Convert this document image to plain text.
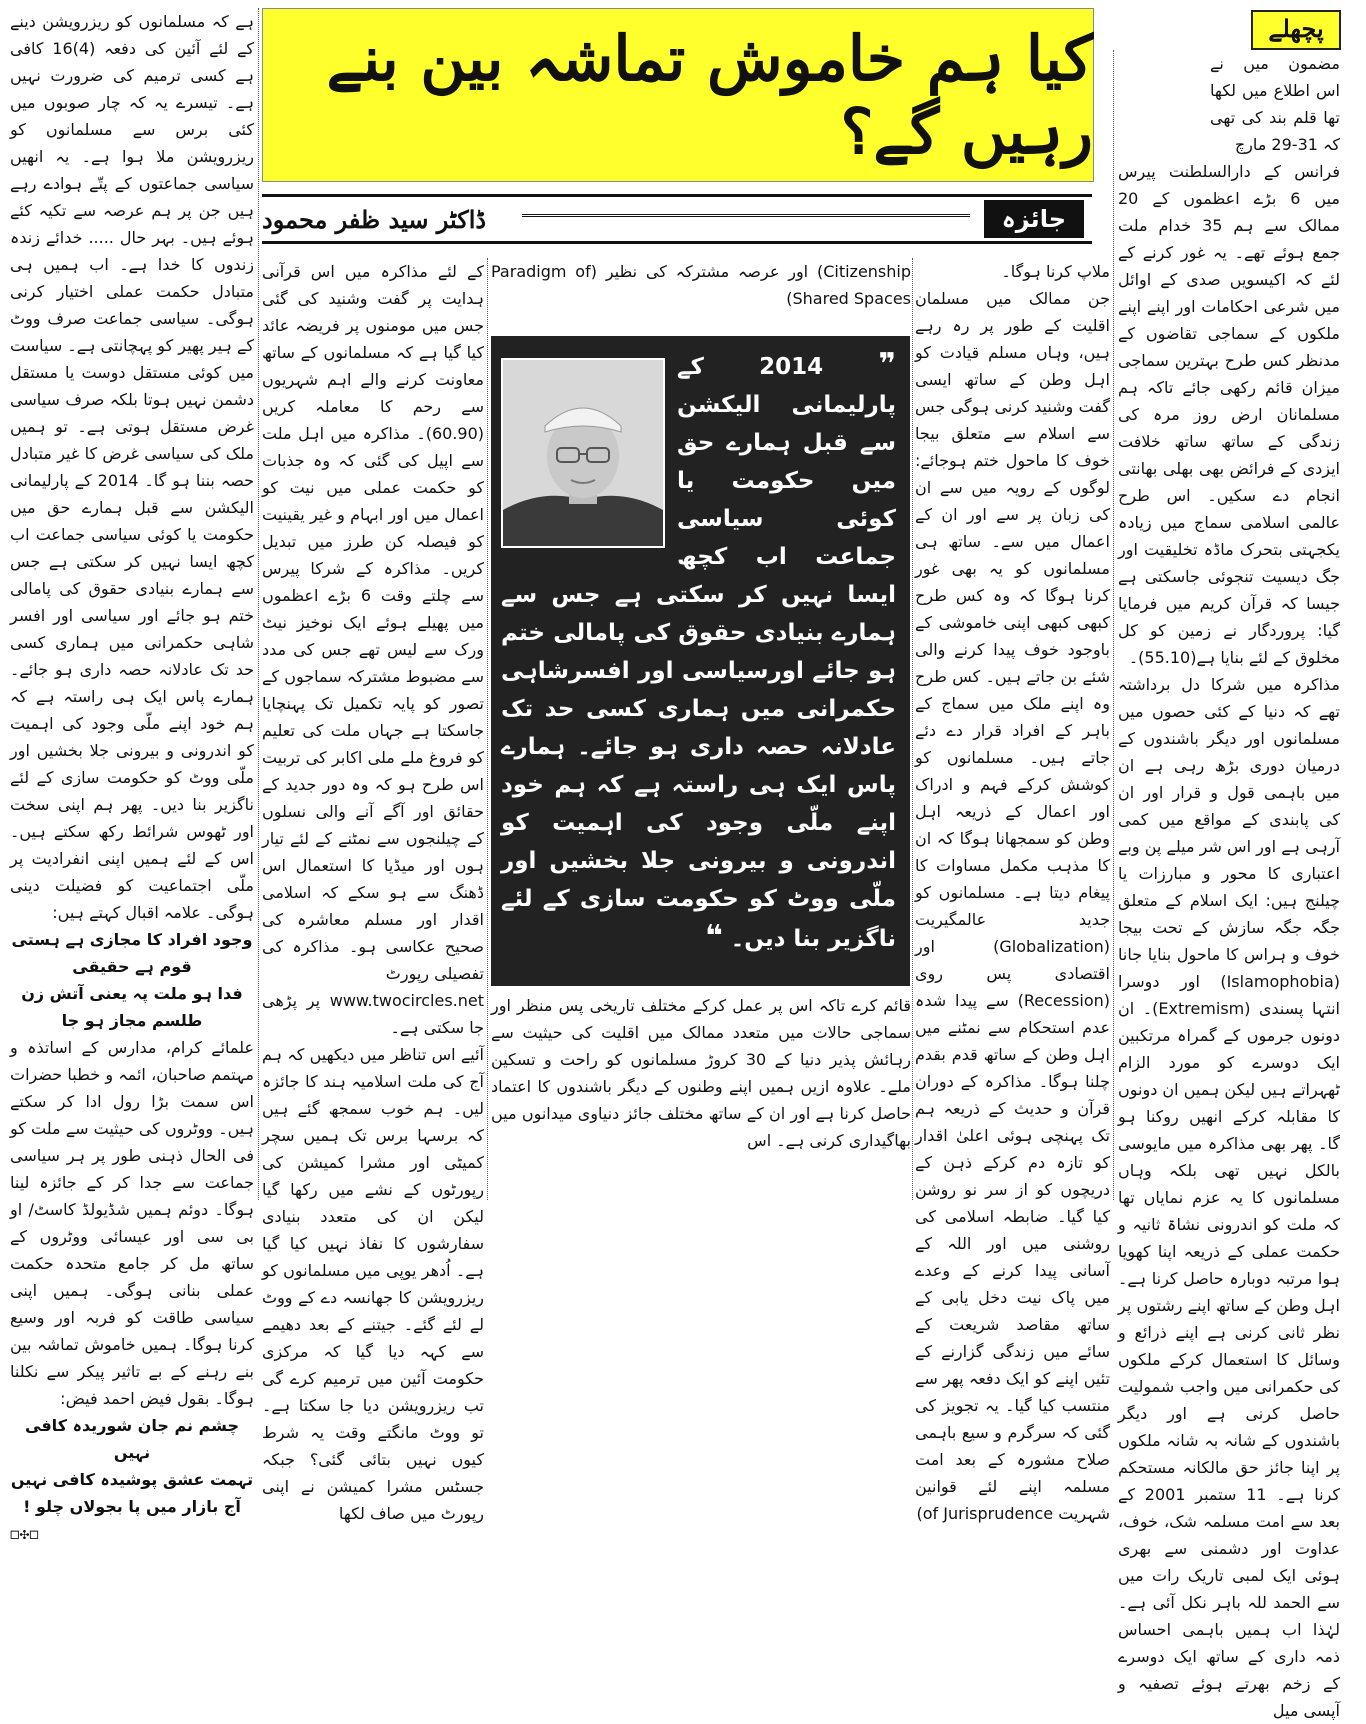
پچھلے
کیا ہم خاموش تماشہ بین بنے رہیں گے؟
جائزہ
ڈاکٹر سید ظفر محمود

مضمون میں نے اس اطلاع میں لکھا تھا قلم بند کی تھی کہ 31-29 مارچ

فرانس کے دارالسلطنت پیرس میں 6 بڑے اعظموں کے 20 ممالک سے ہم 35 خدام ملت جمع ہوئے تھے۔ یہ غور کرنے کے لئے کہ اکیسویں صدی کے اوائل میں شرعی احکامات اور اپنے اپنے ملکوں کے سماجی تقاضوں کے مدنظر کس طرح بہترین سماجی میزان قائم رکھی جائے تاکہ ہم مسلمانان ارض روز مرہ کی زندگی کے ساتھ ساتھ خلافت ایزدی کے فرائض بھی بھلی بھانتی انجام دے سکیں۔ اس طرح عالمی اسلامی سماج میں زیادہ یکجہتی بتحرک ماڈہ تخلیقیت اور جگ دیسیت تنجوئی جاسکتی ہے جیسا کہ قرآن کریم میں فرمایا گیا: پروردگار نے زمین کو کل مخلوق کے لئے بنایا ہے(55.10)۔

مذاکرہ میں شرکا دل برداشتہ تھے کہ دنیا کے کئی حصوں میں مسلمانوں اور دیگر باشندوں کے درمیان دوری بڑھ رہی ہے ان میں باہمی قول و قرار اور ان کی پابندی کے مواقع میں کمی آرہی ہے اور اس شر میلے پن وبے اعتباری کا محور و مبارزات یا چیلنج ہیں: ایک اسلام کے متعلق جگہ جگہ سازش کے تحت بیجا خوف و ہراس کا ماحول بنایا جانا (Islamophobia) اور دوسرا انتہا پسندی (Extremism)۔ ان دونوں جرموں کے گمراہ مرتکبین ایک دوسرے کو مورد الزام ٹھہراتے ہیں لیکن ہمیں ان دونوں کا مقابلہ کرکے انھیں روکنا ہو گا۔ پھر بھی مذاکرہ میں مایوسی بالکل نہیں تھی بلکہ وہاں مسلمانوں کا یہ عزم نمایاں تھا کہ ملت کو اندرونی نشاۃ ثانیہ و حکمت عملی کے ذریعہ اپنا کھویا ہوا مرتبہ دوبارہ حاصل کرنا ہے۔ اہل وطن کے ساتھ اپنے رشتوں پر نظر ثانی کرنی ہے اپنے ذرائع و وسائل کا استعمال کرکے ملکوں کی حکمرانی میں واجب شمولیت حاصل کرنی ہے اور دیگر باشندوں کے شانہ بہ شانہ ملکوں پر اپنا جائز حق مالکانہ مستحکم کرنا ہے۔ 11 ستمبر 2001 کے بعد سے امت مسلمہ شک، خوف، عداوت اور دشمنی سے بھری ہوئی ایک لمبی تاریک رات میں سے الحمد للہ باہر نکل آئی ہے۔ لہٰذا اب ہمیں باہمی احساس ذمہ داری کے ساتھ ایک دوسرے کے زخم بھرتے ہوئے تصفیہ و آپسی میل

ملاپ کرنا ہوگا۔

جن ممالک میں مسلمان اقلیت کے طور پر رہ رہے ہیں، وہاں مسلم قیادت کو اہل وطن کے ساتھ ایسی گفت وشنید کرنی ہوگی جس سے اسلام سے متعلق بیجا خوف کا ماحول ختم ہوجائے: لوگوں کے رویہ میں سے ان کی زبان پر سے اور ان کے اعمال میں سے۔ ساتھ ہی مسلمانوں کو یہ بھی غور کرنا ہوگا کہ وہ کس طرح کبھی کبھی اپنی خاموشی کے باوجود خوف پیدا کرنے والی شئے بن جاتے ہیں۔ کس طرح وہ اپنے ملک میں سماج کے باہر کے افراد قرار دے دئے جاتے ہیں۔ مسلمانوں کو کوشش کرکے فہم و ادراک اور اعمال کے ذریعہ اہل وطن کو سمجھانا ہوگا کہ ان کا مذہب مکمل مساوات کا پیغام دیتا ہے۔ مسلمانوں کو جدید عالمگیریت (Globalization) اور اقتصادی پس روی (Recession) سے پیدا شدہ عدم استحکام سے نمٹنے میں اہل وطن کے ساتھ قدم بقدم چلنا ہوگا۔ مذاکرہ کے دوران قرآن و حدیث کے ذریعہ ہم تک پہنچی ہوئی اعلیٰ اقدار کو تازہ دم کرکے ذہن کے دریچوں کو از سر نو روشن کیا گیا۔ ضابطہ اسلامی کی روشنی میں اور اللہ کے آسانی پیدا کرنے کے وعدے میں پاک نیت دخل یابی کے ساتھ مقاصد شریعت کے سائے میں زندگی گزارنے کے تئیں اپنے کو ایک دفعہ پھر سے منتسب کیا گیا۔ یہ تجویز کی گئی کہ سرگرم و سیع باہمی صلاح مشورہ کے بعد امت مسلمہ اپنے لئے قوانین شہریت of Jurisprudence)

Citizenship) اور عرصہ مشترکہ کی نظیر (Paradigm of Shared Spaces)

قائم کرے تاکہ اس پر عمل کرکے مختلف تاریخی پس منظر اور سماجی حالات میں متعدد ممالک میں اقلیت کی حیثیت سے رہائش پذیر دنیا کے 30 کروڑ مسلمانوں کو راحت و تسکین ملے۔ علاوہ ازیں ہمیں اپنے وطنوں کے دیگر باشندوں کا اعتماد حاصل کرنا ہے اور ان کے ساتھ مختلف جائز دنیاوی میدانوں میں بھاگیداری کرنی ہے۔ اس

کے لئے مذاکرہ میں اس قرآنی ہدایت پر گفت وشنید کی گئی جس میں مومنوں پر فریضہ عائد کیا گیا ہے کہ مسلمانوں کے ساتھ معاونت کرنے والے اہم شہریوں سے رحم کا معاملہ کریں (60.90)۔ مذاکرہ میں اہل ملت سے اپیل کی گئی کہ وہ جذبات کو حکمت عملی میں نیت کو اعمال میں اور ابہام و غیر یقینیت کو فیصلہ کن طرز میں تبدیل کریں۔ مذاکرہ کے شرکا پیرس سے چلتے وقت 6 بڑے اعظموں میں پھیلے ہوئے ایک نوخیز نیٹ ورک سے لیس تھے جس کی مدد سے مضبوط مشترکہ سماجوں کے تصور کو پایہ تکمیل تک پہنچایا جاسکتا ہے جہاں ملت کی تعلیم کو فروغ ملے ملی اکابر کی تربیت اس طرح ہو کہ وہ دور جدید کے حقائق اور آگے آنے والی نسلوں کے چیلنجوں سے نمٹنے کے لئے تیار ہوں اور میڈیا کا استعمال اس ڈھنگ سے ہو سکے کہ اسلامی اقدار اور مسلم معاشرہ کی صحیح عکاسی ہو۔ مذاکرہ کی تفصیلی رپورٹ

www.twocircles.net پر پڑھی جا سکتی ہے۔

آئیے اس تناظر میں دیکھیں کہ ہم آج کی ملت اسلامیہ ہند کا جائزہ لیں۔ ہم خوب سمجھ گئے ہیں کہ برسہا برس تک ہمیں سچر کمیٹی اور مشرا کمیشن کی رپورٹوں کے نشے میں رکھا گیا لیکن ان کی متعدد بنیادی سفارشوں کا نفاذ نہیں کیا گیا ہے۔ اُدھر یوپی میں مسلمانوں کو ریزرویشن کا جھانسہ دے کے ووٹ لے لئے گئے۔ جیتنے کے بعد دھیمے سے کہہ دیا گیا کہ مرکزی حکومت آئین میں ترمیم کرے گی تب ریزرویشن دیا جا سکتا ہے۔ تو ووٹ مانگتے وقت یہ شرط کیوں نہیں بتائی گئی؟ جبکہ جسٹس مشرا کمیشن نے اپنی رپورٹ میں صاف لکھا

ہے کہ مسلمانوں کو ریزرویشن دینے کے لئے آئین کی دفعہ (4)16 کافی ہے کسی ترمیم کی ضرورت نہیں ہے۔ تیسرے یہ کہ چار صوبوں میں کئی برس سے مسلمانوں کو ریزرویشن ملا ہوا ہے۔ یہ انھیں سیاسی جماعتوں کے پتّے ہوادے رہے ہیں جن پر ہم عرصہ سے تکیہ کئے ہوئے ہیں۔ بہر حال ..... خدائے زندہ زندوں کا خدا ہے۔ اب ہمیں ہی متبادل حکمت عملی اختیار کرنی ہوگی۔ سیاسی جماعت صرف ووٹ کے ہیر پھیر کو پہچانتی ہے۔ سیاست میں کوئی مستقل دوست یا مستقل دشمن نہیں ہوتا بلکہ صرف سیاسی غرض مستقل ہوتی ہے۔ تو ہمیں ملک کی سیاسی غرض کا غیر متبادل حصہ بننا ہو گا۔ 2014 کے پارلیمانی الیکشن سے قبل ہمارے حق میں حکومت یا کوئی سیاسی جماعت اب کچھ ایسا نہیں کر سکتی ہے جس سے ہمارے بنیادی حقوق کی پامالی ختم ہو جائے اور سیاسی اور افسر شاہی حکمرانی میں ہماری کسی حد تک عادلانہ حصہ داری ہو جائے۔ ہمارے پاس ایک ہی راستہ ہے کہ ہم خود اپنے ملّی وجود کی اہمیت کو اندرونی و بیرونی جلا بخشیں اور ملّی ووٹ کو حکومت سازی کے لئے ناگزیر بنا دیں۔ پھر ہم اپنی سخت اور ٹھوس شرائط رکھ سکتے ہیں۔ اس کے لئے ہمیں اپنی انفرادیت پر ملّی اجتماعیت کو فضیلت دینی ہوگی۔ علامہ اقبال کہتے ہیں:

وجود افراد کا مجازی ہے ہستی قوم ہے حقیقی

فدا ہو ملت پہ یعنی آتش زن طلسم مجاز ہو جا

علمائے کرام، مدارس کے اساتذہ و مہتمم صاحبان، ائمہ و خطبا حضرات اس سمت بڑا رول ادا کر سکتے ہیں۔ ووٹروں کی حیثیت سے ملت کو فی الحال ذہنی طور پر ہر سیاسی جماعت سے جدا کر کے جائزہ لینا ہوگا۔ دوئم ہمیں شڈیولڈ کاسٹ/ او بی سی اور عیسائی ووٹروں کے ساتھ مل کر جامع متحدہ حکمت عملی بنانی ہوگی۔ ہمیں اپنی سیاسی طاقت کو فربہ اور وسیع کرنا ہوگا۔ ہمیں خاموش تماشہ بین بنے رہنے کے بے تاثیر پیکر سے نکلنا ہوگا۔ بقول فیض احمد فیض:

چشم نم جان شوریدہ کافی نہیں

تہمت عشق پوشیدہ کافی نہیں

آج بازار میں پا بجولاں چلو !

◻✣◻

❞ 2014 کے پارلیمانی الیکشن سے قبل ہمارے حق میں حکومت یا کوئی سیاسی جماعت اب کچھ ایسا نہیں کر سکتی ہے جس سے ہمارے بنیادی حقوق کی پامالی ختم ہو جائے اورسیاسی اور افسرشاہی حکمرانی میں ہماری کسی حد تک عادلانہ حصہ داری ہو جائے۔ ہمارے پاس ایک ہی راستہ ہے کہ ہم خود اپنے ملّی وجود کی اہمیت کو اندرونی و بیرونی جلا بخشیں اور ملّی ووٹ کو حکومت سازی کے لئے ناگزیر بنا دیں۔ ❝
